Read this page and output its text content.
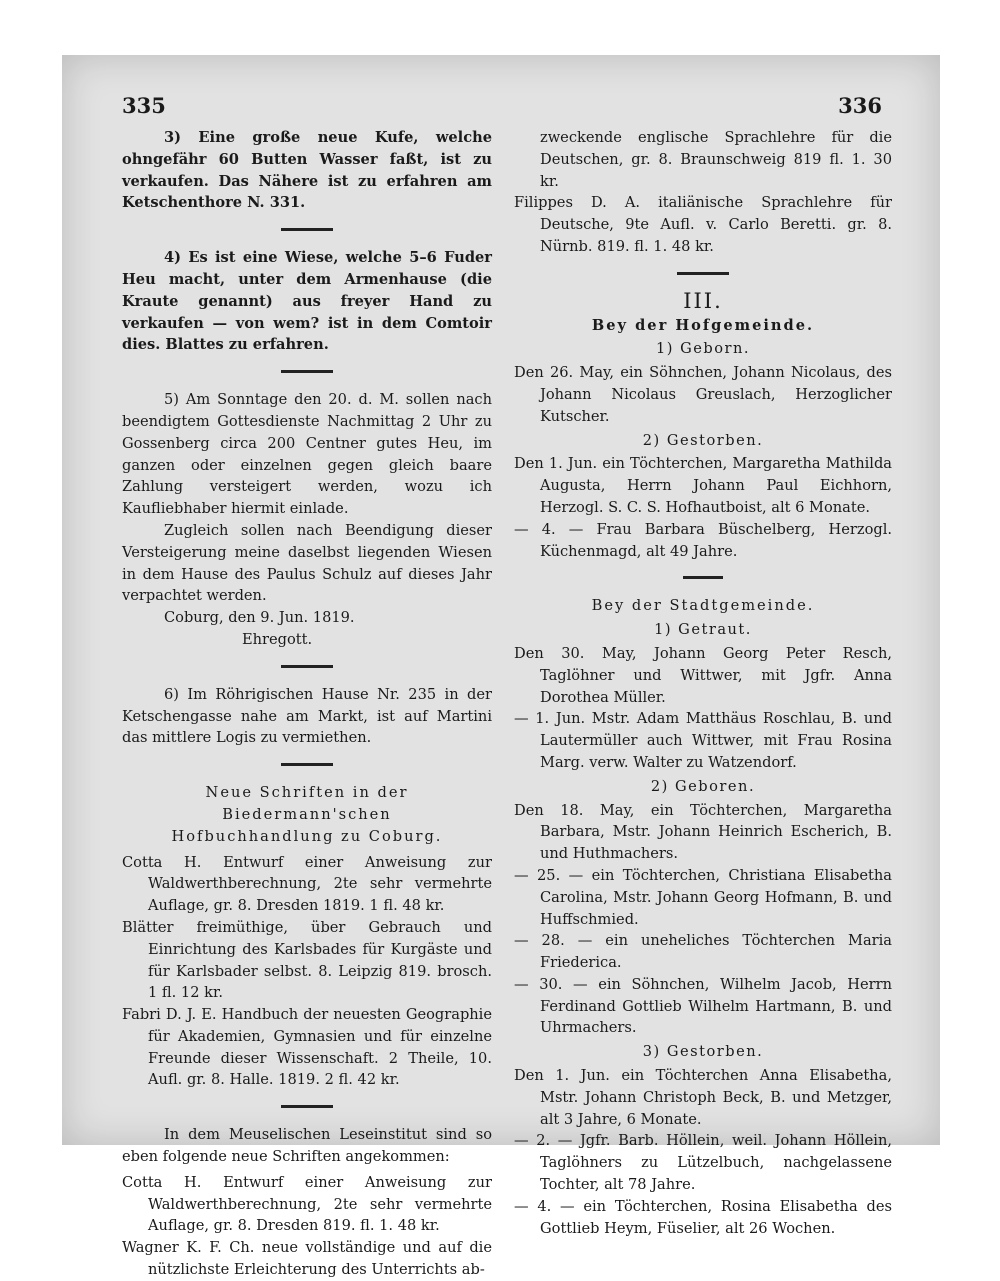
335	336

3) Eine große neue Kufe, welche ohngefähr 60 Butten Wasser faßt, ist zu verkaufen. Das Nähere ist zu erfahren am Ketschenthore N. 331.

4) Es ist eine Wiese, welche 5–6 Fuder Heu macht, unter dem Armenhause (die Kraute genannt) aus freyer Hand zu verkaufen — von wem? ist in dem Comtoir dies. Blattes zu erfahren.

5) Am Sonntage den 20. d. M. sollen nach beendigtem Gottesdienste Nachmittag 2 Uhr zu Gossenberg circa 200 Centner gutes Heu, im ganzen oder einzelnen gegen gleich baare Zahlung versteigert werden, wozu ich Kaufliebhaber hiermit einlade.

Zugleich sollen nach Beendigung dieser Versteigerung meine daselbst liegenden Wiesen in dem Hause des Paulus Schulz auf dieses Jahr verpachtet werden.

Coburg, den 9. Jun. 1819.

Ehregott.

6) Im Röhrigischen Hause Nr. 235 in der Ketschengasse nahe am Markt, ist auf Martini das mittlere Logis zu vermiethen.

Neue Schriften in der Biedermann'schen

Hofbuchhandlung zu Coburg.

Cotta H. Entwurf einer Anweisung zur Waldwerthberechnung, 2te sehr vermehrte Auflage, gr. 8. Dresden 1819. 1 fl. 48 kr.

Blätter freimüthige, über Gebrauch und Einrichtung des Karlsbades für Kurgäste und für Karlsbader selbst. 8. Leipzig 819. brosch. 1 fl. 12 kr.

Fabri D. J. E. Handbuch der neuesten Geographie für Akademien, Gymnasien und für einzelne Freunde dieser Wissenschaft. 2 Theile, 10. Aufl. gr. 8. Halle. 1819. 2 fl. 42 kr.

In dem Meuselischen Leseinstitut sind so eben folgende neue Schriften angekommen:

Cotta H. Entwurf einer Anweisung zur Waldwerthberechnung, 2te sehr vermehrte Auflage, gr. 8. Dresden 819. fl. 1. 48 kr.

Wagner K. F. Ch. neue vollständige und auf die nützlichste Erleichterung des Unterrichts ab-

zweckende englische Sprachlehre für die Deutschen, gr. 8. Braunschweig 819 fl. 1. 30 kr.

Filippes D. A. italiänische Sprachlehre für Deutsche, 9te Aufl. v. Carlo Beretti. gr. 8. Nürnb. 819. fl. 1. 48 kr.

III.

Bey der Hofgemeinde.

1) Geborn.

Den 26. May, ein Söhnchen, Johann Nicolaus, des Johann Nicolaus Greuslach, Herzoglicher Kutscher.

2) Gestorben.

Den 1. Jun. ein Töchterchen, Margaretha Mathilda Augusta, Herrn Johann Paul Eichhorn, Herzogl. S. C. S. Hofhautboist, alt 6 Monate.

— 4. — Frau Barbara Büschelberg, Herzogl. Küchenmagd, alt 49 Jahre.

Bey der Stadtgemeinde.

1) Getraut.

Den 30. May, Johann Georg Peter Resch, Taglöhner und Wittwer, mit Jgfr. Anna Dorothea Müller.

— 1. Jun. Mstr. Adam Matthäus Roschlau, B. und Lautermüller auch Wittwer, mit Frau Rosina Marg. verw. Walter zu Watzendorf.

2) Geboren.

Den 18. May, ein Töchterchen, Margaretha Barbara, Mstr. Johann Heinrich Escherich, B. und Huthmachers.

— 25. — ein Töchterchen, Christiana Elisabetha Carolina, Mstr. Johann Georg Hofmann, B. und Huffschmied.

— 28. — ein uneheliches Töchterchen Maria Friederica.

— 30. — ein Söhnchen, Wilhelm Jacob, Herrn Ferdinand Gottlieb Wilhelm Hartmann, B. und Uhrmachers.

3) Gestorben.

Den 1. Jun. ein Töchterchen Anna Elisabetha, Mstr. Johann Christoph Beck, B. und Metzger, alt 3 Jahre, 6 Monate.

— 2. — Jgfr. Barb. Höllein, weil. Johann Höllein, Taglöhners zu Lützelbuch, nachgelassene Tochter, alt 78 Jahre.

— 4. — ein Töchterchen, Rosina Elisabetha des Gottlieb Heym, Füselier, alt 26 Wochen.
